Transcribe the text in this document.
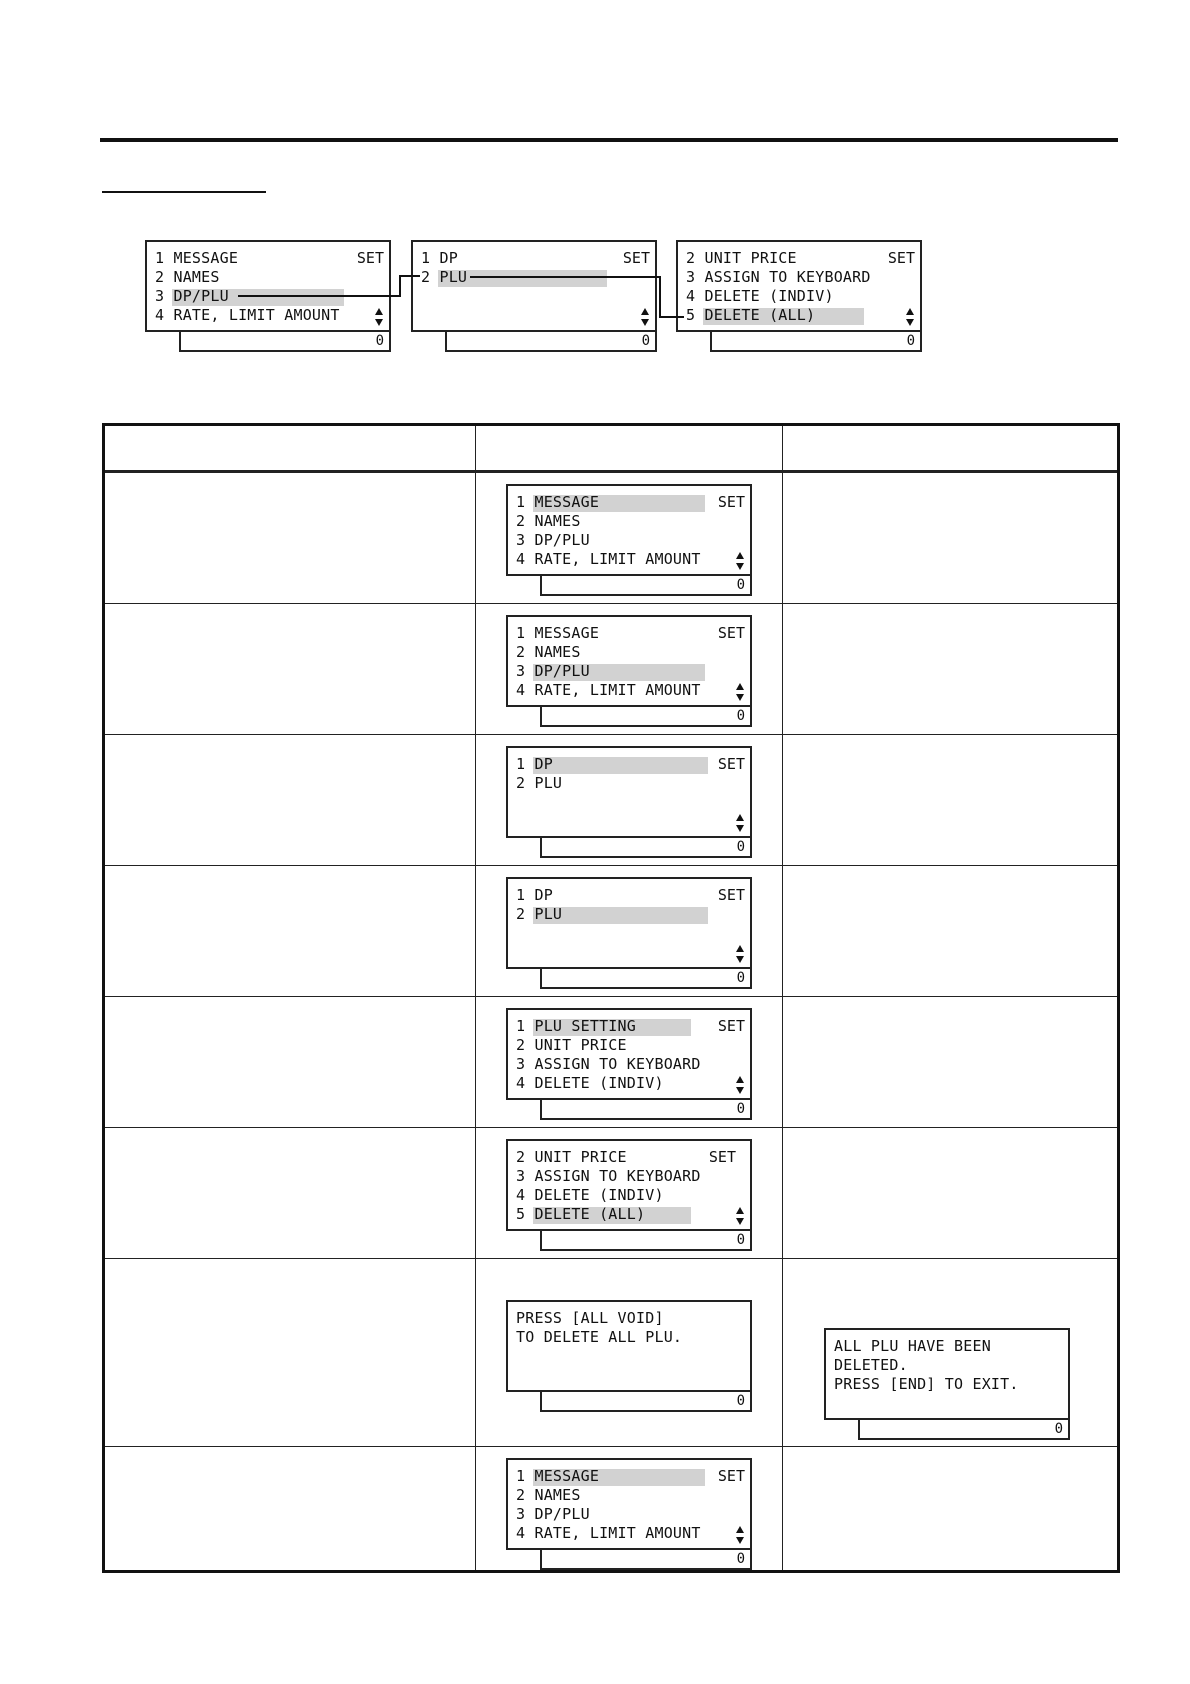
1 MESSAGE
2 NAMES
3 DP/PLU
4 RATE, LIMIT AMOUNT
SET
0
1 DP
2 PLU
SET
0
2 UNIT PRICE
3 ASSIGN TO KEYBOARD
4 DELETE (INDIV)
5 DELETE (ALL)
SET
0
1 MESSAGE
2 NAMES
3 DP/PLU
4 RATE, LIMIT AMOUNT
SET
0
1 MESSAGE
2 NAMES
3 DP/PLU
4 RATE, LIMIT AMOUNT
SET
0
1 DP
2 PLU
SET
0
1 DP
2 PLU
SET
0
1 PLU SETTING
2 UNIT PRICE
3 ASSIGN TO KEYBOARD
4 DELETE (INDIV)
SET
0
2 UNIT PRICE
3 ASSIGN TO KEYBOARD
4 DELETE (INDIV)
5 DELETE (ALL)
SET
0
PRESS [ALL VOID]
TO DELETE ALL PLU.
0
ALL PLU HAVE BEEN
DELETED.
PRESS [END] TO EXIT.
0
1 MESSAGE
2 NAMES
3 DP/PLU
4 RATE, LIMIT AMOUNT
SET
0
